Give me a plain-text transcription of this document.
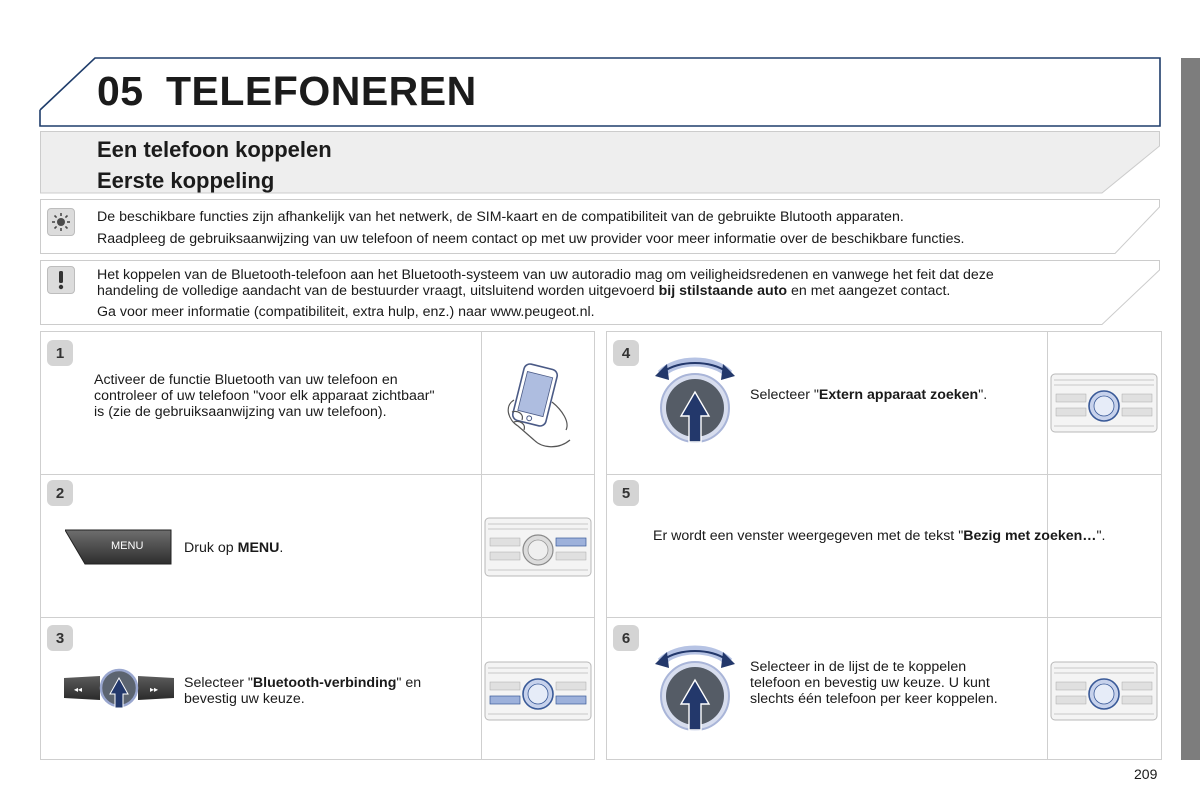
05 TELEFONEREN
Een telefoon koppelen
Eerste koppeling
De beschikbare functies zijn afhankelijk van het netwerk, de SIM-kaart en de compatibiliteit van de gebruikte Blutooth apparaten.
Raadpleeg de gebruiksaanwijzing van uw telefoon of neem contact op met uw provider voor meer informatie over de beschikbare functies.
Het koppelen van de Bluetooth-telefoon aan het Bluetooth-systeem van uw autoradio mag om veiligheidsredenen en vanwege het feit dat deze
handeling de volledige aandacht van de bestuurder vraagt, uitsluitend worden uitgevoerd bij stilstaande auto en met aangezet contact.
Ga voor meer informatie (compatibiliteit, extra hulp, enz.) naar www.peugeot.nl.
1
2
3
4
5
6
Activeer de functie Bluetooth van uw telefoon en controleer of uw telefoon "voor elk apparaat zichtbaar" is (zie de gebruiksaanwijzing van uw telefoon).
MENU	Druk op MENU.
◂◂	▸▸ Selecteer "Bluetooth-verbinding" en bevestig uw keuze.
Selecteer "Extern apparaat zoeken".
Er wordt een venster weergegeven met de tekst "Bezig met zoeken…".
Selecteer in de lijst de te koppelen telefoon en bevestig uw keuze. U kunt slechts één telefoon per keer koppelen.
209
